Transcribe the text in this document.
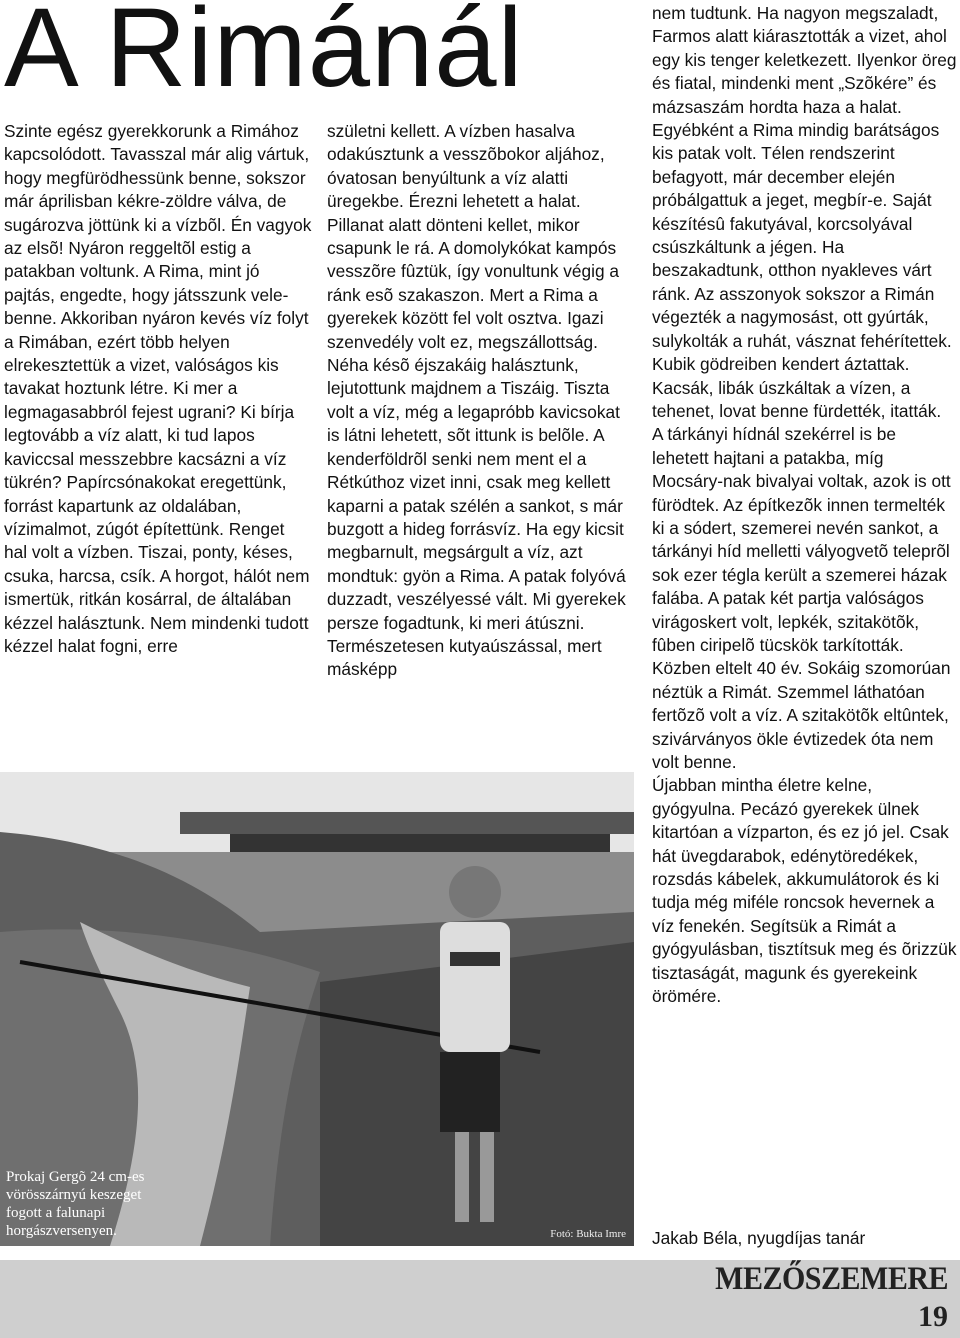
A Rimánál

Szinte egész gyerekkorunk a Rimához kapcsolódott. Tavasszal már alig vártuk, hogy megfürödhessünk benne, sokszor már áprilisban kékre-zöldre válva, de sugározva jöttünk ki a vízbõl. Én vagyok az elsõ! Nyáron reggeltõl estig a patakban voltunk. A Rima, mint jó pajtás, engedte, hogy játsszunk vele-benne. Akkoriban nyáron kevés víz folyt a Rimában, ezért több helyen elrekesztettük a vizet, valóságos kis tavakat hoztunk létre. Ki mer a legmagasabbról fejest ugrani? Ki bírja legtovább a víz alatt, ki tud lapos kaviccsal messzebbre kacsázni a víz tükrén? Papírcsónakokat eregettünk, forrást kapartunk az oldalában, vízimalmot, zúgót építettünk. Renget hal volt a vízben. Tiszai, ponty, késes, csuka, harcsa, csík. A horgot, hálót nem ismertük, ritkán kosárral, de általában kézzel halásztunk. Nem mindenki tudott kézzel halat fogni, erre

születni kellett. A vízben hasalva odakúsztunk a vesszõbokor aljához, óvatosan benyúltunk a víz alatti üregekbe. Érezni lehetett a halat. Pillanat alatt dönteni kellet, mikor csapunk le rá. A domolykókat kampós vesszõre fûztük, így vonultunk végig a ránk esõ szakaszon. Mert a Rima a gyerekek között fel volt osztva. Igazi szenvedély volt ez, megszállottság. Néha késõ éjszakáig halásztunk, lejutottunk majdnem a Tiszáig. Tiszta volt a víz, még a legapróbb kavicsokat is látni lehetett, sõt ittunk is belõle. A kenderföldrõl senki nem ment el a Rétkúthoz vizet inni, csak meg kellett kaparni a patak szélén a sankot, s már buzgott a hideg forrásvíz. Ha egy kicsit megbarnult, megsárgult a víz, azt mondtuk: gyön a Rima. A patak folyóvá duzzadt, veszélyessé vált. Mi gyerekek persze fogadtunk, ki meri átúszni. Természetesen kutyaúszással, mert másképp

nem tudtunk. Ha nagyon megszaladt, Farmos alatt kiárasztották a vizet, ahol egy kis tenger keletkezett. Ilyenkor öreg és fiatal, mindenki ment „Szõkére” és mázsaszám hordta haza a halat. Egyébként a Rima mindig barátságos kis patak volt. Télen rendszerint befagyott, már december elején próbálgattuk a jeget, megbír-e. Saját készítésû fakutyával, korcsolyával csúszkáltunk a jégen. Ha beszakadtunk, otthon nyakleves várt ránk. Az asszonyok sokszor a Rimán végezték a nagymosást, ott gyúrták, sulykolták a ruhát, vásznat fehérítettek. Kubik gödreiben kendert áztattak. Kacsák, libák úszkáltak a vízen, a tehenet, lovat benne fürdették, itatták.

A tárkányi hídnál szekérrel is be lehetett hajtani a patakba, míg Mocsáry-nak bivalyai voltak, azok is ott fürödtek. Az építkezõk innen termelték ki a sódert, szemerei nevén sankot, a tárkányi híd melletti vályogvetõ teleprõl sok ezer tégla került a szemerei házak falába. A patak két partja valóságos virágoskert volt, lepkék, szitakötõk, fûben ciripelõ tücskök tarkították.

Közben eltelt 40 év. Sokáig szomorúan néztük a Rimát. Szemmel láthatóan fertõzõ volt a víz. A szitakötõk eltûntek, szivárványos ökle évtizedek óta nem volt benne.

Újabban mintha életre kelne, gyógyulna. Pecázó gyerekek ülnek kitartóan a vízparton, és ez jó jel. Csak hát üvegdarabok, edénytöredékek, rozsdás kábelek, akkumulátorok és ki tudja még miféle roncsok hevernek a víz fenekén. Segítsük a Rimát a gyógyulásban, tisztítsuk meg és õrizzük tisztaságát, magunk és gyerekeink örömére.

Jakab Béla, nyugdíjas tanár
Prokaj Gergõ 24 cm-es vörösszárnyú keszeget fogott a falunapi horgászversenyen.	Fotó: Bukta Imre
MEZŐSZEMERE
19
